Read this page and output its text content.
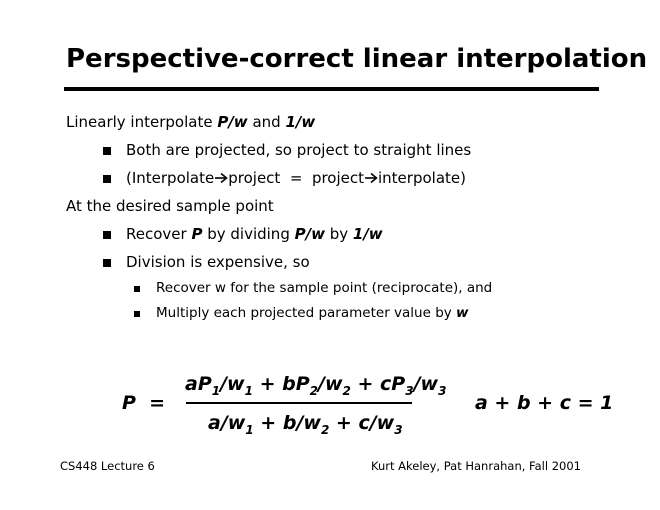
Perspective-correct linear interpolation
Linearly interpolate P/w and 1/w
Both are projected, so project to straight lines
(Interpolate project  =  project interpolate)
At the desired sample point
Recover P by dividing P/w by 1/w
Division is expensive, so
Recover w for the sample point (reciprocate), and
Multiply each projected parameter value by w
P  =
$aP_1/w_1 + bP_2/w_2 + cP_3/w_3$
$a/w_1 + b/w_2 + c/w_3$
a + b + c = 1
CS448 Lecture 6	Kurt Akeley, Pat Hanrahan, Fall 2001
